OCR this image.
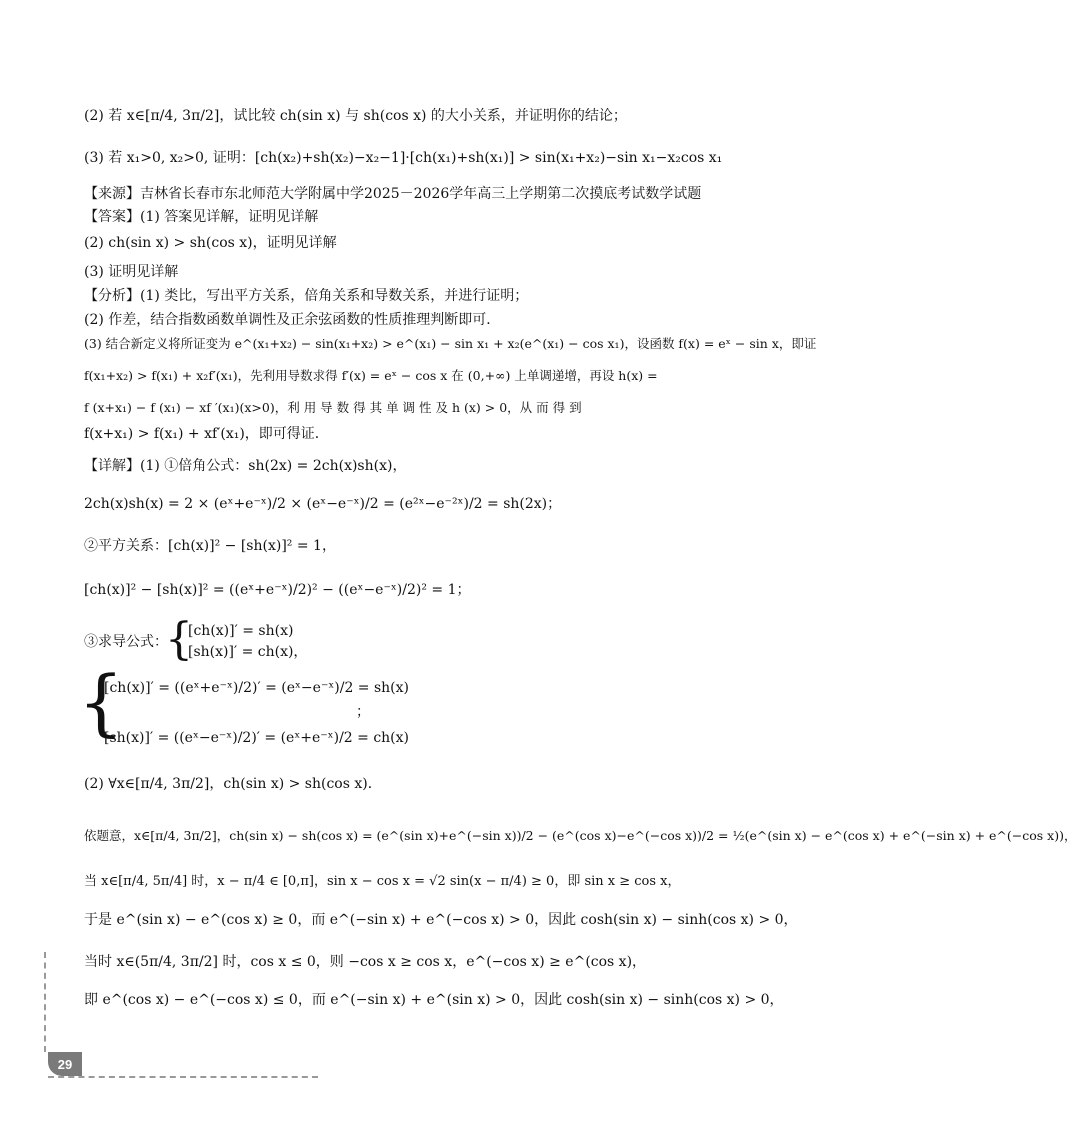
(2) 若 x∈[π/4, 3π/2]，试比较 ch(sin x) 与 sh(cos x) 的大小关系，并证明你的结论；
(3) 若 x₁>0, x₂>0, 证明：[ch(x₂)+sh(x₂)−x₂−1]·[ch(x₁)+sh(x₁)] > sin(x₁+x₂)−sin x₁−x₂cos x₁
【来源】吉林省长春市东北师范大学附属中学2025－2026学年高三上学期第二次摸底考试数学试题
【答案】(1) 答案见详解，证明见详解
(2) ch(sin x) > sh(cos x)，证明见详解
(3) 证明见详解
【分析】(1) 类比，写出平方关系，倍角关系和导数关系，并进行证明；
(2) 作差，结合指数函数单调性及正余弦函数的性质推理判断即可．
(3) 结合新定义将所证变为 e^(x₁+x₂) − sin(x₁+x₂) > e^(x₁) − sin x₁ + x₂(e^(x₁) − cos x₁)，设函数 f(x) = eˣ − sin x，即证
f(x₁+x₂) > f(x₁) + x₂f′(x₁)，先利用导数求得 f′(x) = eˣ − cos x 在 (0,+∞) 上单调递增，再设 h(x) =
f (x+x₁) − f (x₁) − xf ′(x₁)(x>0)，利 用 导 数 得 其 单 调 性 及 h (x) > 0，从 而 得 到
f(x+x₁) > f(x₁) + xf′(x₁)，即可得证．
【详解】(1) ①倍角公式：sh(2x) = 2ch(x)sh(x)，
2ch(x)sh(x) = 2 × (eˣ+e⁻ˣ)/2 × (eˣ−e⁻ˣ)/2 = (e²ˣ−e⁻²ˣ)/2 = sh(2x)；
②平方关系：[ch(x)]² − [sh(x)]² = 1，
[ch(x)]² − [sh(x)]² = ((eˣ+e⁻ˣ)/2)² − ((eˣ−e⁻ˣ)/2)² = 1；
③求导公式：
{
[ch(x)]′ = sh(x)
[sh(x)]′ = ch(x)，
{
[ch(x)]′ = ((eˣ+e⁻ˣ)/2)′ = (eˣ−e⁻ˣ)/2 = sh(x)
[sh(x)]′ = ((eˣ−e⁻ˣ)/2)′ = (eˣ+e⁻ˣ)/2 = ch(x)
；
(2) ∀x∈[π/4, 3π/2]，ch(sin x) > sh(cos x)．
依题意，x∈[π/4, 3π/2]，ch(sin x) − sh(cos x) = (e^(sin x)+e^(−sin x))/2 − (e^(cos x)−e^(−cos x))/2 = ½(e^(sin x) − e^(cos x) + e^(−sin x) + e^(−cos x))，
当 x∈[π/4, 5π/4] 时，x − π/4 ∈ [0,π]，sin x − cos x = √2 sin(x − π/4) ≥ 0，即 sin x ≥ cos x，
于是 e^(sin x) − e^(cos x) ≥ 0，而 e^(−sin x) + e^(−cos x) > 0，因此 cosh(sin x) − sinh(cos x) > 0，
当时 x∈(5π/4, 3π/2] 时，cos x ≤ 0，则 −cos x ≥ cos x，e^(−cos x) ≥ e^(cos x)，
即 e^(cos x) − e^(−cos x) ≤ 0，而 e^(−sin x) + e^(sin x) > 0，因此 cosh(sin x) − sinh(cos x) > 0，
29
